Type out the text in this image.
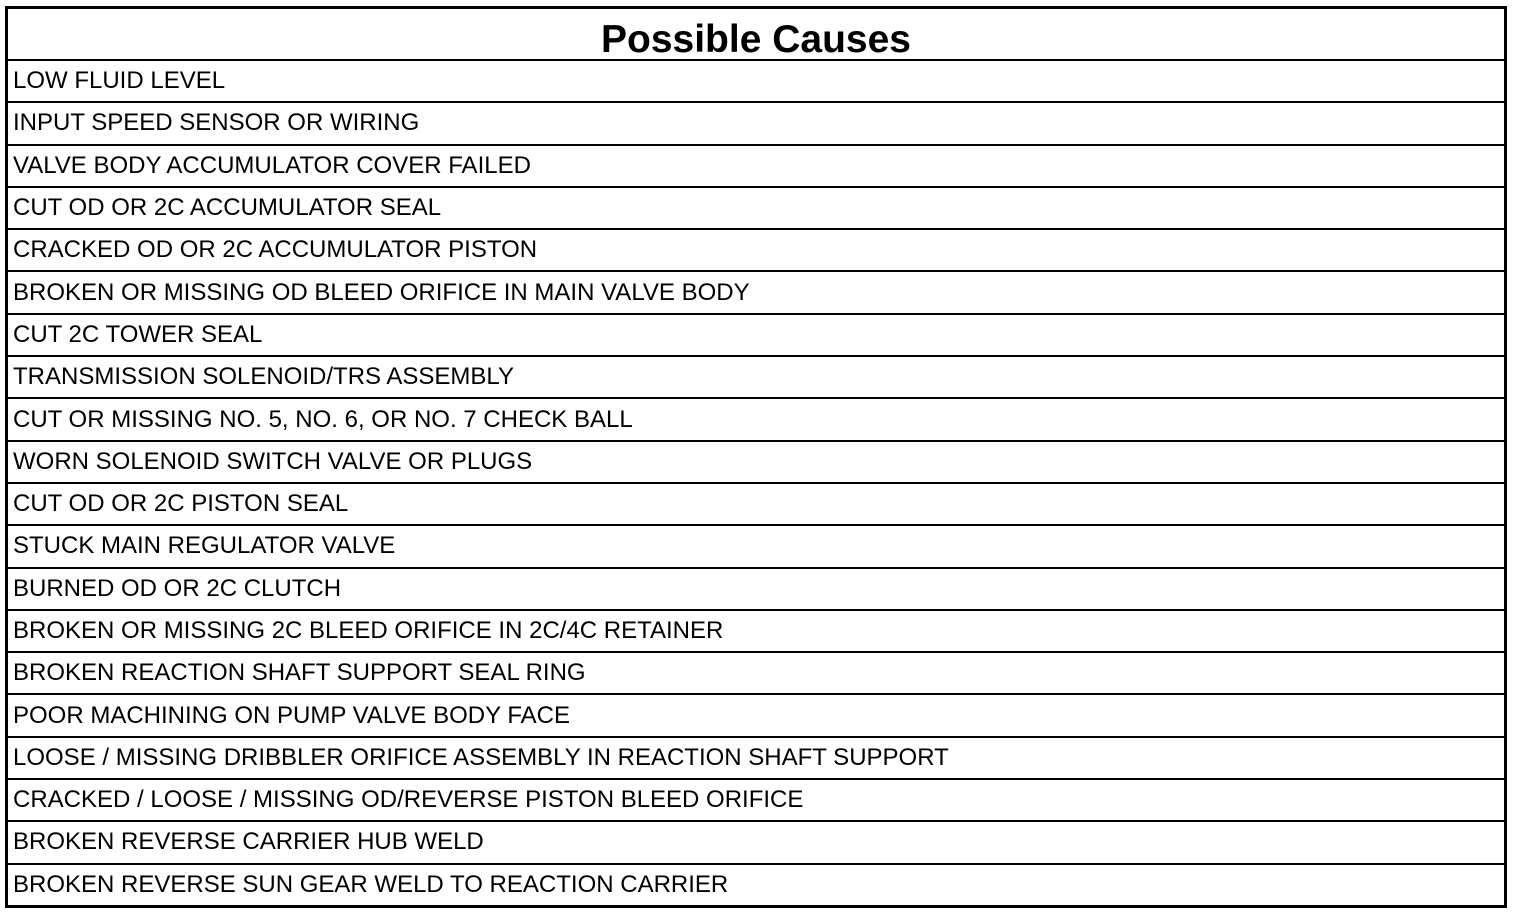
Possible Causes
LOW FLUID LEVEL
INPUT SPEED SENSOR OR WIRING
VALVE BODY ACCUMULATOR COVER FAILED
CUT OD OR 2C ACCUMULATOR SEAL
CRACKED OD OR 2C ACCUMULATOR PISTON
BROKEN OR MISSING OD BLEED ORIFICE IN MAIN VALVE BODY
CUT 2C TOWER SEAL
TRANSMISSION SOLENOID/TRS ASSEMBLY
CUT OR MISSING NO. 5, NO. 6, OR NO. 7 CHECK BALL
WORN SOLENOID SWITCH VALVE OR PLUGS
CUT OD OR 2C PISTON SEAL
STUCK MAIN REGULATOR VALVE
BURNED OD OR 2C CLUTCH
BROKEN OR MISSING 2C BLEED ORIFICE IN 2C/4C RETAINER
BROKEN REACTION SHAFT SUPPORT SEAL RING
POOR MACHINING ON PUMP VALVE BODY FACE
LOOSE / MISSING DRIBBLER ORIFICE ASSEMBLY IN REACTION SHAFT SUPPORT
CRACKED / LOOSE / MISSING OD/REVERSE PISTON BLEED ORIFICE
BROKEN REVERSE CARRIER HUB WELD
BROKEN REVERSE SUN GEAR WELD TO REACTION CARRIER
